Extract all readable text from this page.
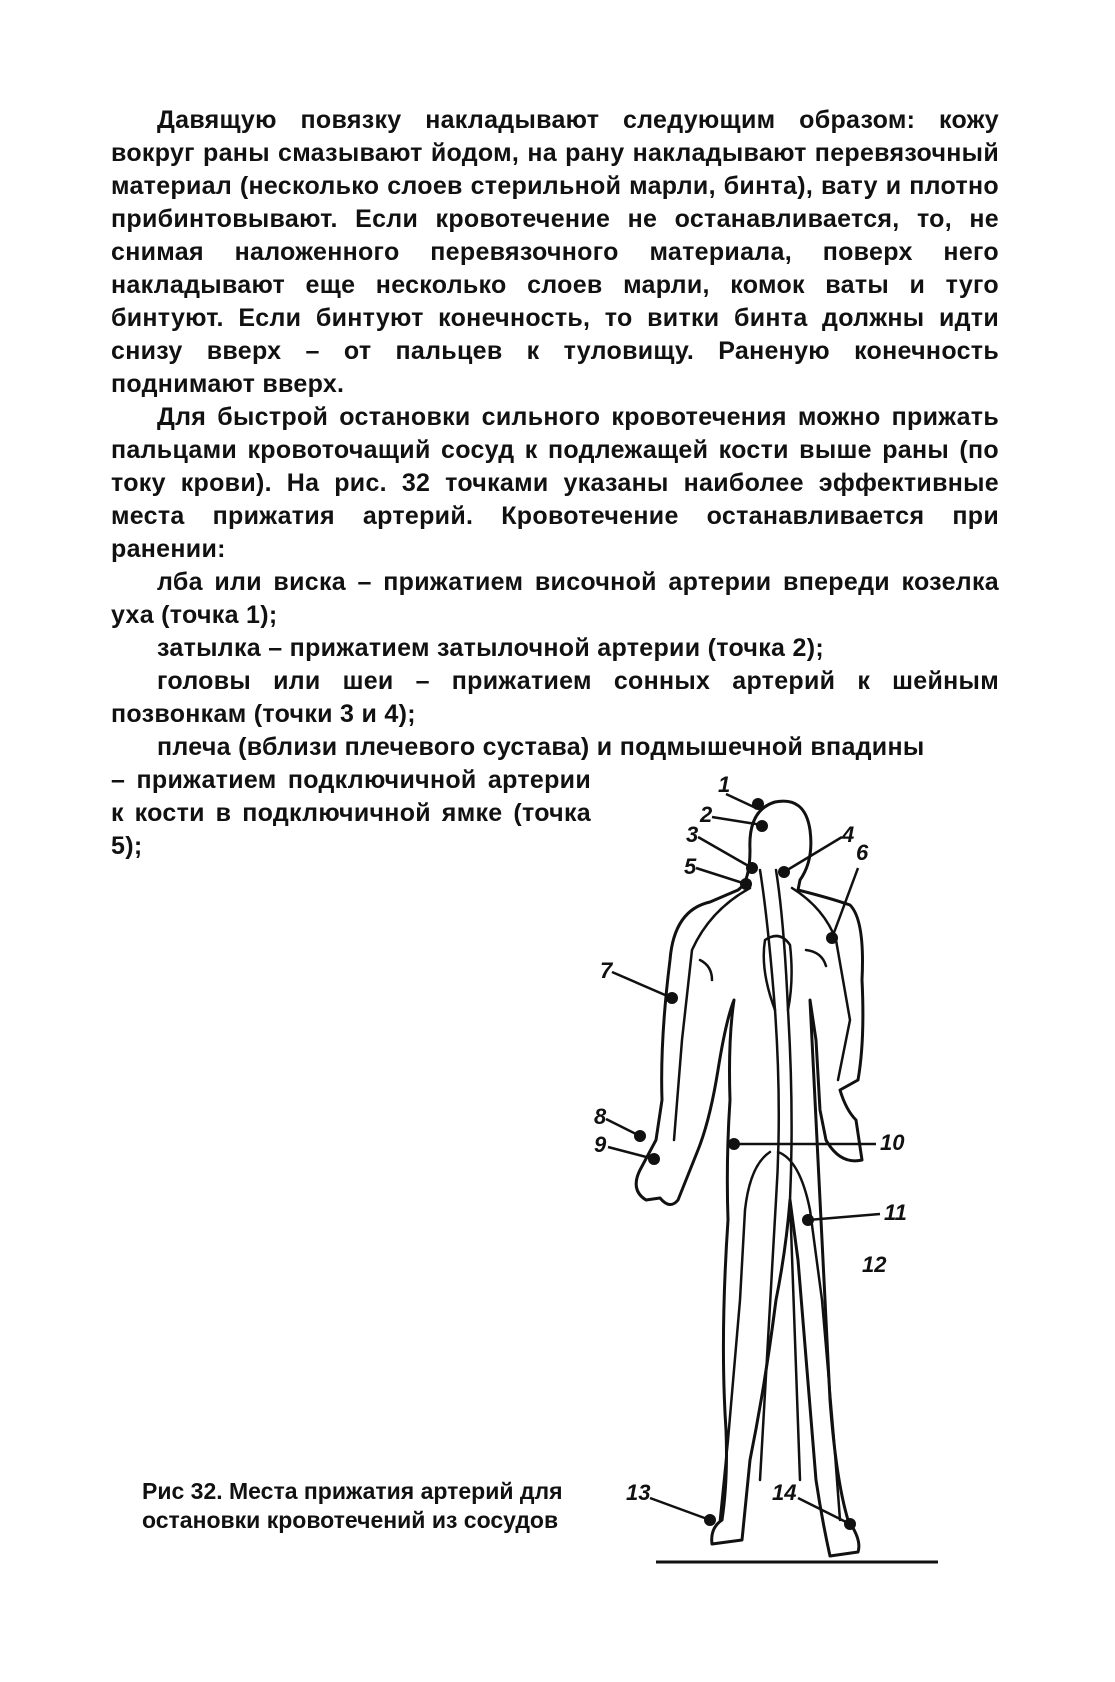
Давящую повязку накладывают следующим образом: кожу вокруг раны смазывают йодом, на рану накладывают перевязочный материал (несколько слоев стерильной марли, бинта), вату и плотно прибинтовывают. Если кровотечение не останавливается, то, не снимая наложенного перевязочного материала, поверх него накладывают еще несколько слоев марли, комок ваты и туго бинтуют. Если бинтуют конечность, то витки бинта должны идти снизу вверх – от пальцев к туловищу. Раненую конечность поднимают вверх.

Для быстрой остановки сильного кровотечения можно прижать пальцами кровоточащий сосуд к подлежащей кости выше раны (по току крови). На рис. 32 точками указаны наиболее эффективные места прижатия артерий. Кровотечение останавливается при ранении:

лба или виска – прижатием височной артерии впереди козелка уха (точка 1);

затылка – прижатием затылочной артерии (точка 2);

головы или шеи – прижатием сонных артерий к шейным позвонкам (точки 3 и 4);

плеча (вблизи плечевого сустава) и подмышечной впадины

– прижатием подключичной артерии к кости в подключичной ямке (точка 5);

Рис 32. Места прижатия артерий для остановки кровотечений из сосудов
1
2
3	4
5
6
7
8
9	10
11
12
13	14
